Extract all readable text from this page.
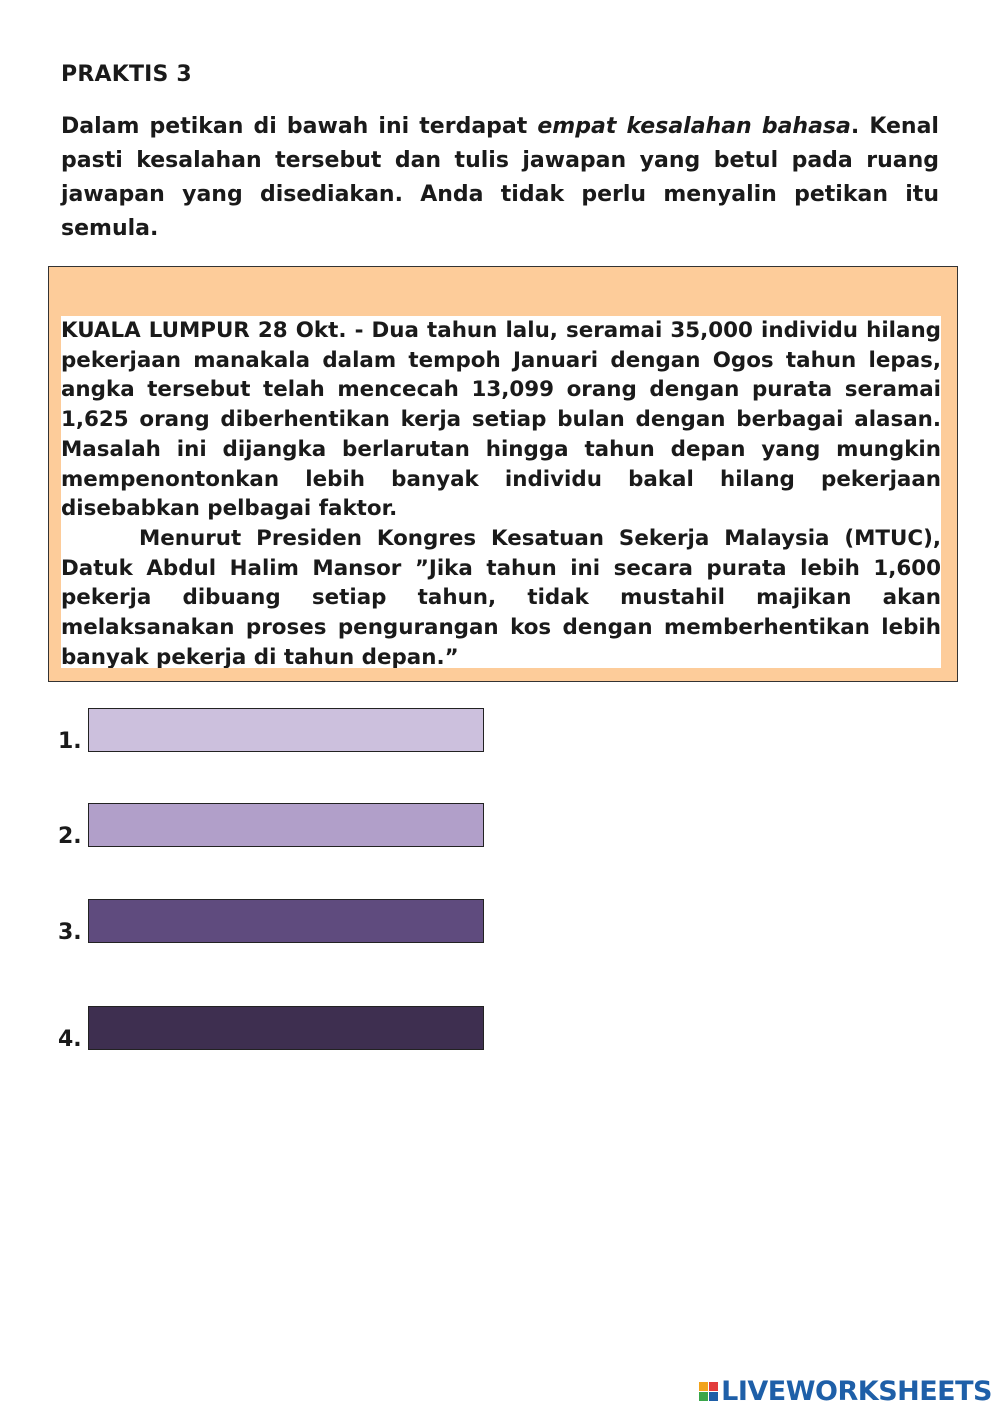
PRAKTIS 3
Dalam petikan di bawah ini terdapat empat kesalahan bahasa. Kenal pasti kesalahan tersebut dan tulis jawapan yang betul pada ruang jawapan yang disediakan. Anda tidak perlu menyalin petikan itu semula.

KUALA LUMPUR 28 Okt. - Dua tahun lalu, seramai 35,000 individu hilang pekerjaan manakala dalam tempoh Januari dengan Ogos tahun lepas, angka tersebut telah mencecah 13,099 orang dengan purata seramai 1,625 orang diberhentikan kerja setiap bulan dengan berbagai alasan. Masalah ini dijangka berlarutan hingga tahun depan yang mungkin mempenontonkan lebih banyak individu bakal hilang pekerjaan disebabkan pelbagai faktor.

Menurut Presiden Kongres Kesatuan Sekerja Malaysia (MTUC), Datuk Abdul Halim Mansor ”Jika tahun ini secara purata lebih 1,600 pekerja dibuang setiap tahun, tidak mustahil majikan akan melaksanakan proses pengurangan kos dengan memberhentikan lebih banyak pekerja di tahun depan.”

1.
2.
3.
4.
LIVEWORKSHEETS
